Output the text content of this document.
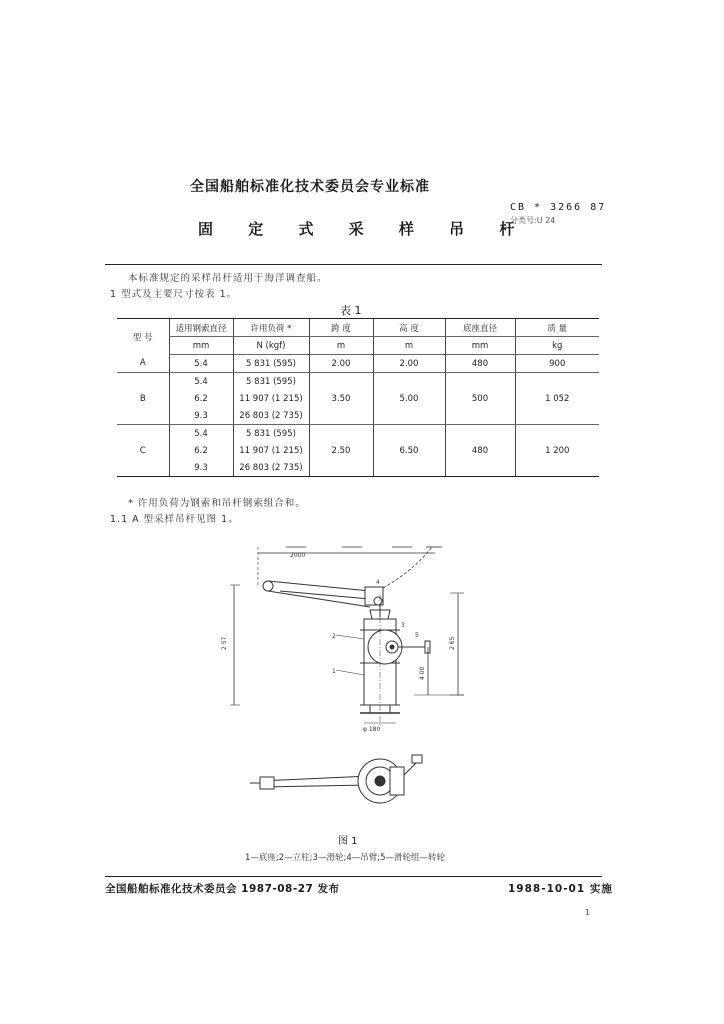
全国船舶标准化技术委员会专业标准
CB * 3266 87
分类号:U 24
固 定 式 采 样 吊 杆
本标准规定的采样吊杆适用于海洋调查船。
1 型式及主要尺寸按表 1。
表 1
型 号	适用钢索直径	许用负荷 *	跨 度	高 度	底座直径	质 量
	mm	N (kgf)	m	m	mm	kg
A	5.4	5 831 (595)	2.00	2.00	480	900
B	5.4	5 831 (595)	3.50	5.00	500	1 052
	6.2	11 907 (1 215)				
	9.3	26 803 (2 735)				
C	5.4	5 831 (595)	2.50	6.50	480	1 200
	6.2	11 907 (1 215)				
	9.3	26 803 (2 735)				
* 许用负荷为钢索和吊杆钢索组合和。
1.1 A 型采样吊杆见图 1。
2000
2 57	2 65
4 00
φ 180
2
1
4
3
5
图 1
1—底座;2—立柱;3—滑轮;4—吊臂;5—滑轮组—转轮
全国船舶标准化技术委员会 1987-08-27 发布	1988-10-01 实施
1
